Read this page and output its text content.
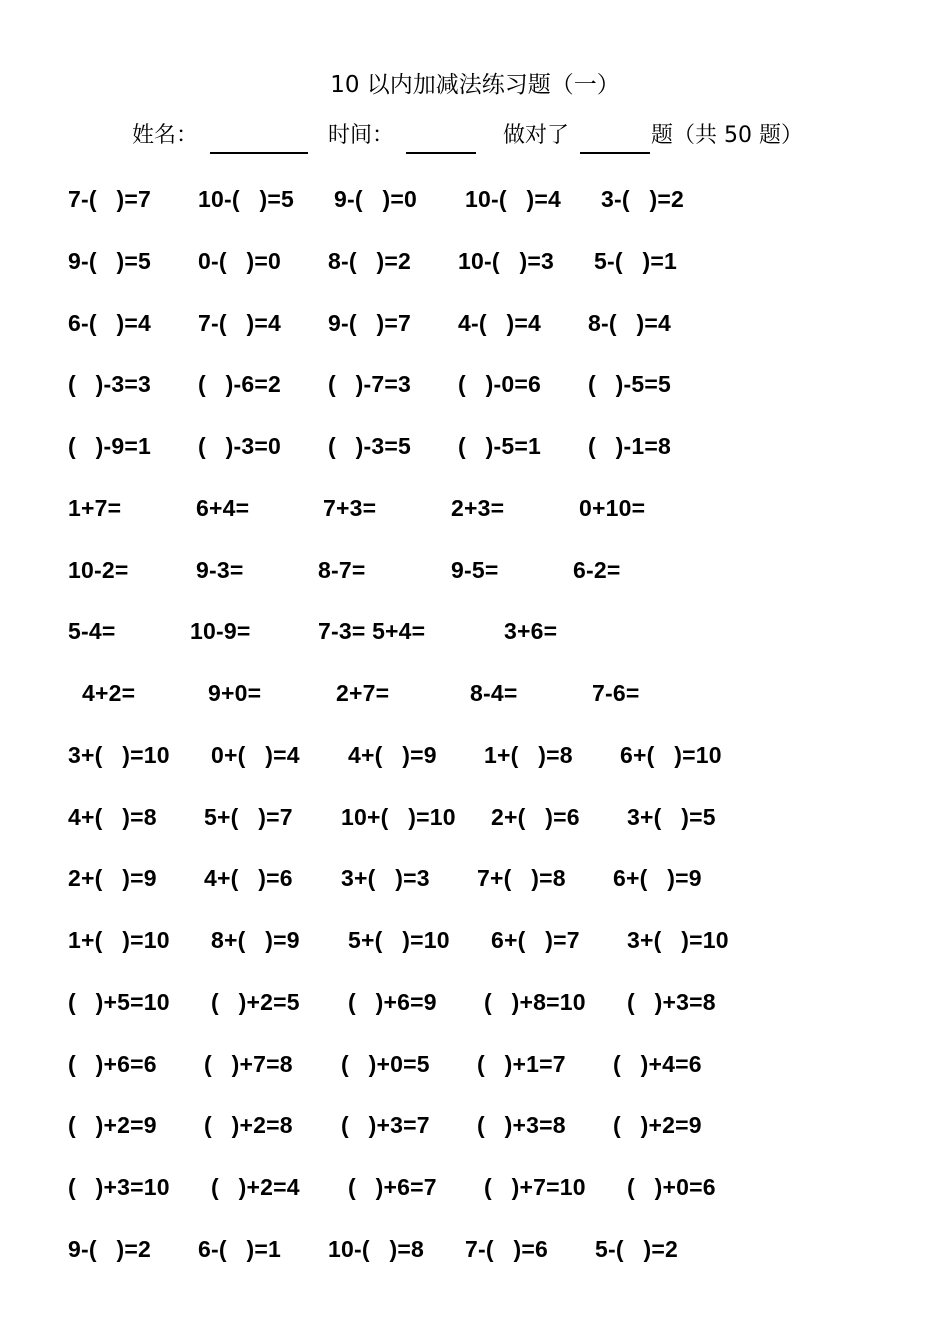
10 以内加减法练习题（一）
姓名：	时间：	做对了	题（共 50 题）
7-(   )=7 10-(   )=5 9-(   )=0 10-(   )=4 3-(   )=2
9-(   )=5 0-(   )=0 8-(   )=2 10-(   )=3 5-(   )=1
6-(   )=4 7-(   )=4 9-(   )=7 4-(   )=4 8-(   )=4
(   )-3=3 (   )-6=2 (   )-7=3 (   )-0=6 (   )-5=5
(   )-9=1 (   )-3=0 (   )-3=5 (   )-5=1 (   )-1=8
1+7=	6+4=	7+3=	2+3=	0+10=
10-2=	9-3=	8-7=	9-5=	6-2=
5-4=	10-9=	7-3= 5+4=	3+6=
4+2=	9+0=	2+7=	8-4=	7-6=
3+(   )=10 0+(   )=4 4+(   )=9 1+(   )=8 6+(   )=10
4+(   )=8 5+(   )=7 10+(   )=10 2+(   )=6 3+(   )=5
2+(   )=9 4+(   )=6 3+(   )=3 7+(   )=8 6+(   )=9
1+(   )=10 8+(   )=9 5+(   )=10 6+(   )=7 3+(   )=10
(   )+5=10 (   )+2=5 (   )+6=9 (   )+8=10 (   )+3=8
(   )+6=6 (   )+7=8 (   )+0=5 (   )+1=7 (   )+4=6
(   )+2=9 (   )+2=8 (   )+3=7 (   )+3=8 (   )+2=9
(   )+3=10 (   )+2=4 (   )+6=7 (   )+7=10 (   )+0=6
9-(   )=2 6-(   )=1 10-(   )=8 7-(   )=6 5-(   )=2
